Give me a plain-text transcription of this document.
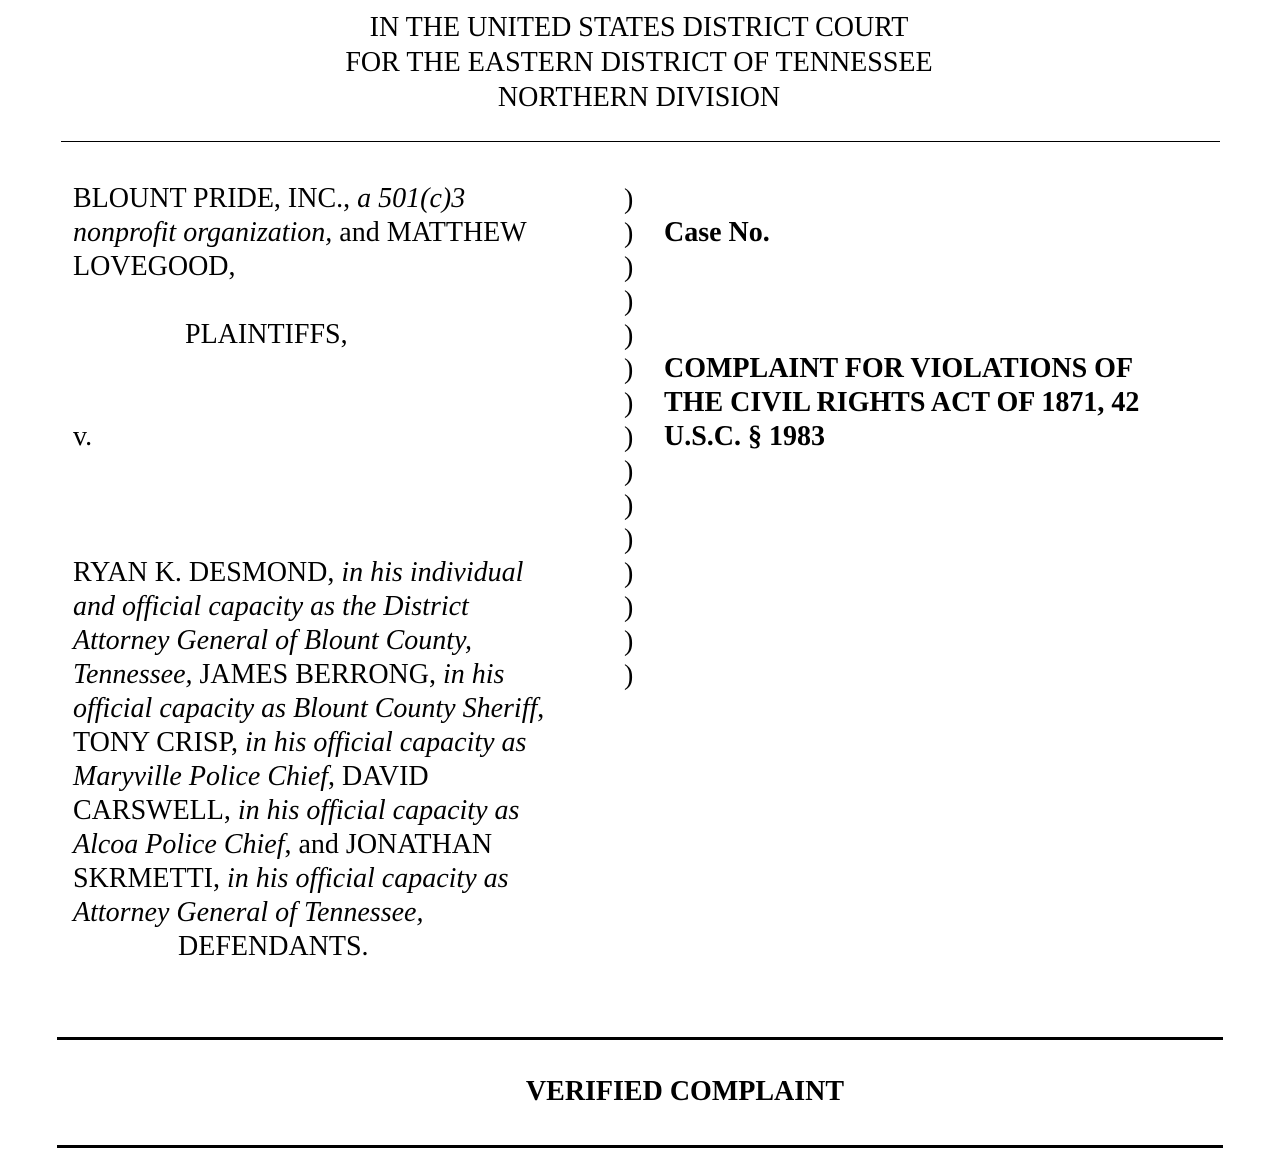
IN THE UNITED STATES DISTRICT COURT
FOR THE EASTERN DISTRICT OF TENNESSEE
NORTHERN DIVISION
BLOUNT PRIDE, INC., a 501(c)3
nonprofit organization, and MATTHEW
LOVEGOOD,
PLAINTIFFS,
v.
RYAN K. DESMOND, in his individual
and official capacity as the District
Attorney General of Blount County,
Tennessee, JAMES BERRONG, in his
official capacity as Blount County Sheriff,
TONY CRISP, in his official capacity as
Maryville Police Chief, DAVID
CARSWELL, in his official capacity as
Alcoa Police Chief, and JONATHAN
SKRMETTI, in his official capacity as
Attorney General of Tennessee,
DEFENDANTS.
)
)
)
)
)
)
)
)
)
)
)
)
)
)
)
Case No.
COMPLAINT FOR VIOLATIONS OF
THE CIVIL RIGHTS ACT OF 1871, 42
U.S.C. § 1983
VERIFIED COMPLAINT
